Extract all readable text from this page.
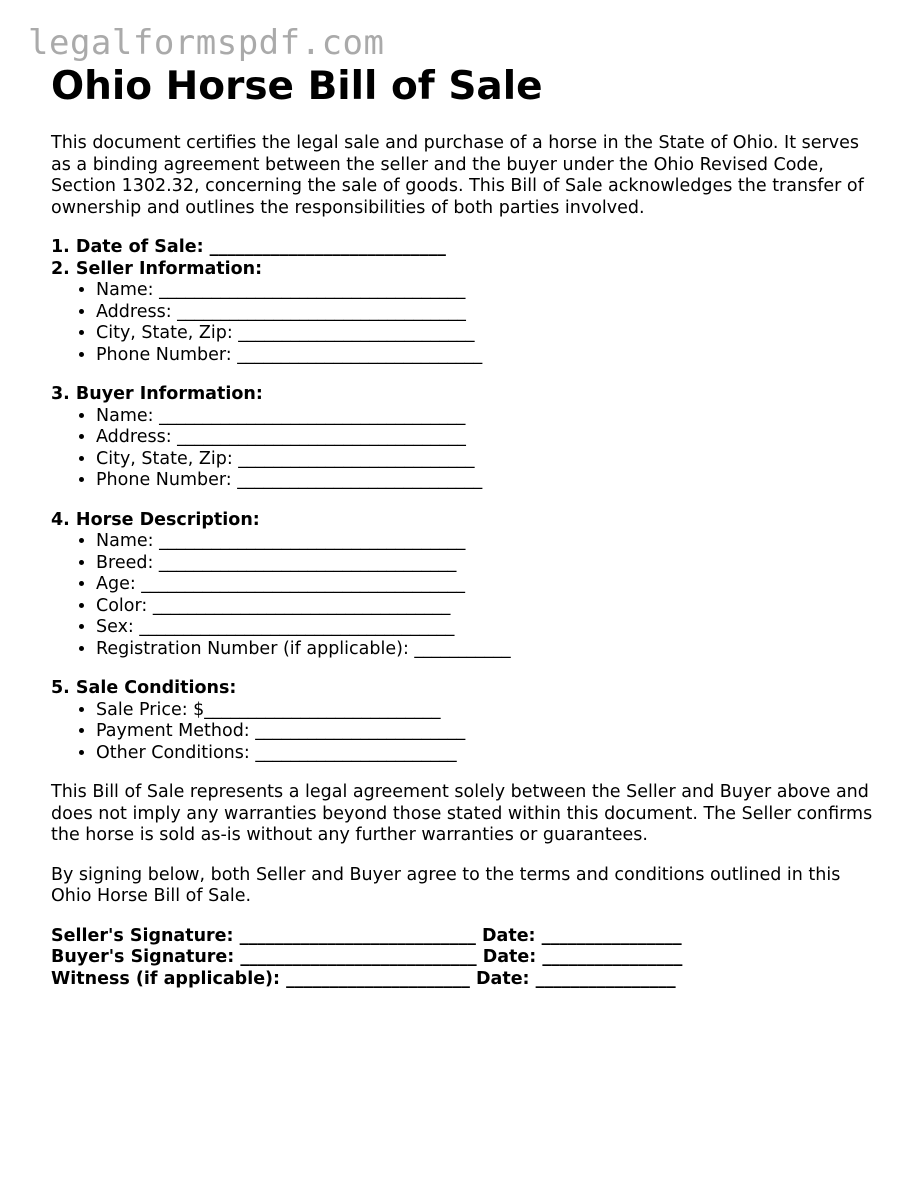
legalformspdf.com
Ohio Horse Bill of Sale

This document certifies the legal sale and purchase of a horse in the State of Ohio. It serves as a binding agreement between the seller and the buyer under the Ohio Revised Code, Section 1302.32, concerning the sale of goods. This Bill of Sale acknowledges the transfer of ownership and outlines the responsibilities of both parties involved.

1. Date of Sale: ___________________________

2. Seller Information:

• Name: ___________________________________
• Address: _________________________________
• City, State, Zip: ___________________________
• Phone Number: ____________________________

3. Buyer Information:

• Name: ___________________________________
• Address: _________________________________
• City, State, Zip: ___________________________
• Phone Number: ____________________________

4. Horse Description:

• Name: ___________________________________
• Breed: __________________________________
• Age: _____________________________________
• Color: __________________________________
• Sex: ____________________________________
• Registration Number (if applicable): ___________

5. Sale Conditions:

• Sale Price: $___________________________
• Payment Method: ________________________
• Other Conditions: _______________________

This Bill of Sale represents a legal agreement solely between the Seller and Buyer above and does not imply any warranties beyond those stated within this document. The Seller confirms the horse is sold as-is without any further warranties or guarantees.

By signing below, both Seller and Buyer agree to the terms and conditions outlined in this Ohio Horse Bill of Sale.

Seller's Signature: ___________________________ Date: ________________

Buyer's Signature: ___________________________ Date: ________________

Witness (if applicable): _____________________ Date: ________________
